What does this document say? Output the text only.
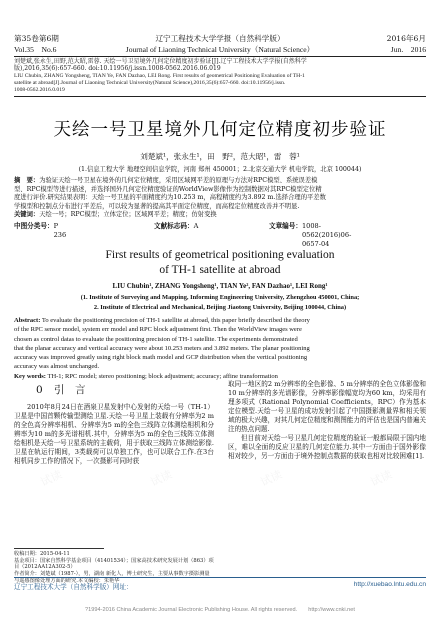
试读	试读	试读	试读
第35卷第6期	辽宁工程技术大学学报（自然科学版）	2016年6月
Vol.35　No.6	Journal of Liaoning Technical University（Natural Science）	Jun.　2016
刘楚斌,张永生,田野,范大昭,雷蓉. 天绘一号卫星境外几何定位精度初步验证[J].辽宁工程技术大学学报(自然科学
版),2016,35(6):657-660. doi:10.11956/j.issn.1008-0562.2016.06.019
LIU Chubin, ZHANG Yongsheng, TIAN Ye, FAN Dazhao, LEI Rong. First results of geometrical Positioning Evaluation of TH-1
satellite at abroad[J].Journal of Liaoning Technical University(Natural Science),2016,35(6):657-660. doi:10.11956/j.issn.
1008-0562.2016.0.019
天绘一号卫星境外几何定位精度初步验证
刘楚斌¹，张永生¹，田　野²，范大昭¹，雷　蓉¹
(1.信息工程大学 地理空间信息学院，河南 郑州 450001；2.北京交通大学 机电学院，北京 100044)
摘　要：为验证天绘一号卫星在境外的几何定位精度，采用区域网平差的原理与方法对RPC模型、系统误差模
型、RPC模型等进行描述，并选择国外几何定位精度验证的WorldView影像作为控制数据对其RPC模型定位精
度进行评价.研究结果表明：天绘一号卫星的平面精度约为10.253 m，高程精度约为3.892 m.选择合理的平差数
学模型和控制点分布进行平差后，可以较为显著的提高其平面定位精度，而高程定位精度改善并不明显.
关键词：天绘一号；RPC模型；立体定位；区域网平差；精度；仿射变换
中图分类号： P 236
文献标志码： A	文章编号： 1008-0562(2016)06-0657-04
First results of geometrical positioning evaluation
of TH-1 satellite at abroad
LIU Chubin¹, ZHANG Yongsheng¹, TIAN Ye², FAN Dazhao¹, LEI Rong¹
(1. Institute of Surveying and Mapping, Informing Engineering University, Zhengzhou 450001, China;
2. Institute of Electrical and Mechanical, Beijing Jiaotong University, Beijing 100044, China)
Abstract: To evaluate the positioning precision of TH-1 satellite at abroad, this paper briefly described the theory
of the RPC sensor model, system err model and RPC block adjustment first. Then the WorldView images were
chosen as control datas to evaluate the positioning precision of TH-1 satellite. The experiments demonstrated
that the planar accuracy and vertical accuracy were about 10.253 meters and 3.892 meters. The planar positioning
accuracy was improved greatly using right block math model and GCP distribution when the vertical positioning
accuracy was almost unchanged.
Key words: TH-1; RPC model; stereo positioning; block adjustment; accuracy; affine transformation
0 引　言

2010年8月24日在酒泉卫星发射中心发射的天绘一号（TH-1）卫星是中国首颗传输型测绘卫星.天绘一号卫星上装载有分辨率为2 m的全色高分辨率相机、分辨率为5 m的全色三线阵立体测绘相机和分辨率为10 m的多光谱相机.其中，分辨率为5 m的全色三线阵立体测绘相机是天绘一号卫星系统的主载荷，用于获取三线阵立体测绘影像.卫星在轨运行期间，3类载荷可以单独工作，也可以联合工作.在3台相机同步工作的情况下，一次摄影可同时获

取同一地区的2 m分辨率的全色影像、5 m分辨率的全色立体影像和10 m分辨率的多光谱影像，分辨率影像幅宽均为60 km，均采用有理多项式（Rational Polynomial Coefficients，RPC）作为基本定位模型.天绘一号卫星的成功发射引起了中国摄影测量界和相关领域的极大兴趣，对其几何定位精度和测图能力的评估也是国内普遍关注的热点问题.

但目前对天绘一号卫星几何定位精度的验证一般都局限于国内地区，难以全面的反应卫星的几何定位能力.其中一方面由于国外影像相对较少，另一方面由于境外控制点数据的获取也相对比较困难[1].

收稿日期：2015-04-11
基金项目：国家自然科学基金项目（41401534）；国家高技术研究发展计划（863）项目（2012AA12A302-5）
作者简介：刘楚斌（1987-），男，湖南 新化人，博士研究生，主要从事数字摄影测量与遥感图像处理方面的研究.本文编校：朱艳华
辽宁工程技术大学（自然科学版）网址：	http://xuebao.lntu.edu.cn
?1994-2016 China Academic Journal Electronic Publishing House. All rights reserved.　　http://www.cnki.net
